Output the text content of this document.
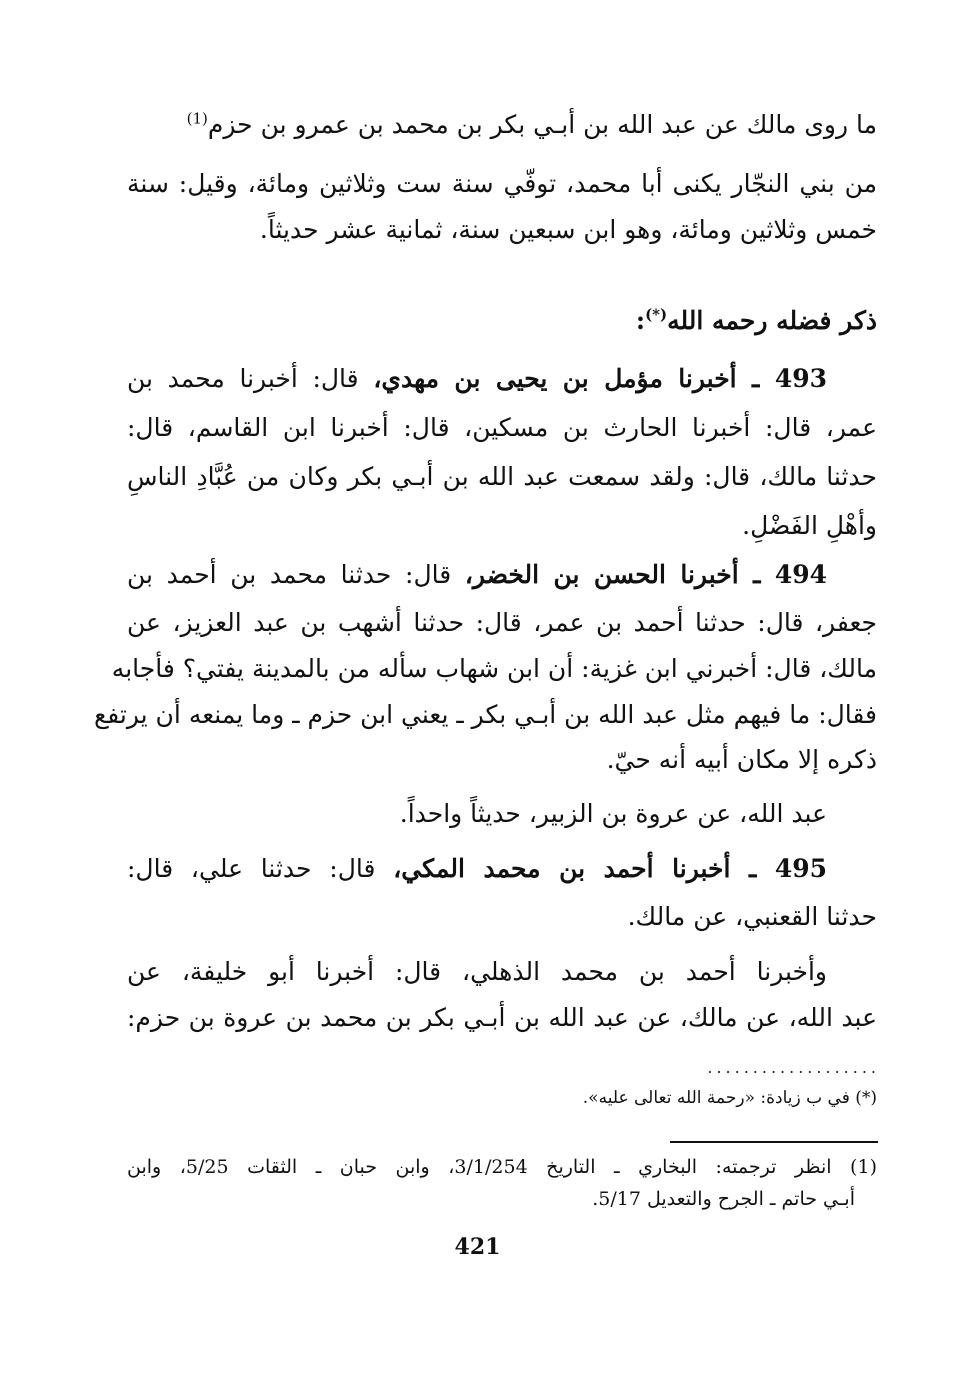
ما روى مالك عن عبد الله بن أبـي بكر بن محمد بن عمرو بن حزم$^{(1)}$
من بني النجّار يكنى أبا محمد، توفّي سنة ست وثلاثين ومائة، وقيل: سنة
خمس وثلاثين ومائة، وهو ابن سبعين سنة، ثمانية عشر حديثاً.
ذكر فضله رحمه الله(*):
493 ـ أخبرنا مؤمل بن يحيى بن مهدي، قال: أخبرنا محمد بن
عمر، قال: أخبرنا الحارث بن مسكين، قال: أخبرنا ابن القاسم، قال:
حدثنا مالك، قال: ولقد سمعت عبد الله بن أبـي بكر وكان من عُبَّادِ الناسِ
وأهْلِ الفَضْلِ.
494 ـ أخبرنا الحسن بن الخضر، قال: حدثنا محمد بن أحمد بن
جعفر، قال: حدثنا أحمد بن عمر، قال: حدثنا أشهب بن عبد العزيز، عن
مالك، قال: أخبرني ابن غزية: أن ابن شهاب سأله من بالمدينة يفتي؟ فأجابه
فقال: ما فيهم مثل عبد الله بن أبـي بكر ـ يعني ابن حزم ـ وما يمنعه أن يرتفع
ذكره إلا مكان أبيه أنه حيّ.
عبد الله، عن عروة بن الزبير، حديثاً واحداً.
495 ـ أخبرنا أحمد بن محمد المكي، قال: حدثنا علي، قال:
حدثنا القعنبي، عن مالك.
وأخبرنا أحمد بن محمد الذهلي، قال: أخبرنا أبو خليفة، عن
عبد الله، عن مالك، عن عبد الله بن أبـي بكر بن محمد بن عروة بن حزم:
...................
(*) في ب زيادة: «رحمة الله تعالى عليه».
(1) انظر ترجمته: البخاري ـ التاريخ 3/1/254، وابن حبان ـ الثقات 5/25، وابن
أبـي حاتم ـ الجرح والتعديل 5/17.
421
